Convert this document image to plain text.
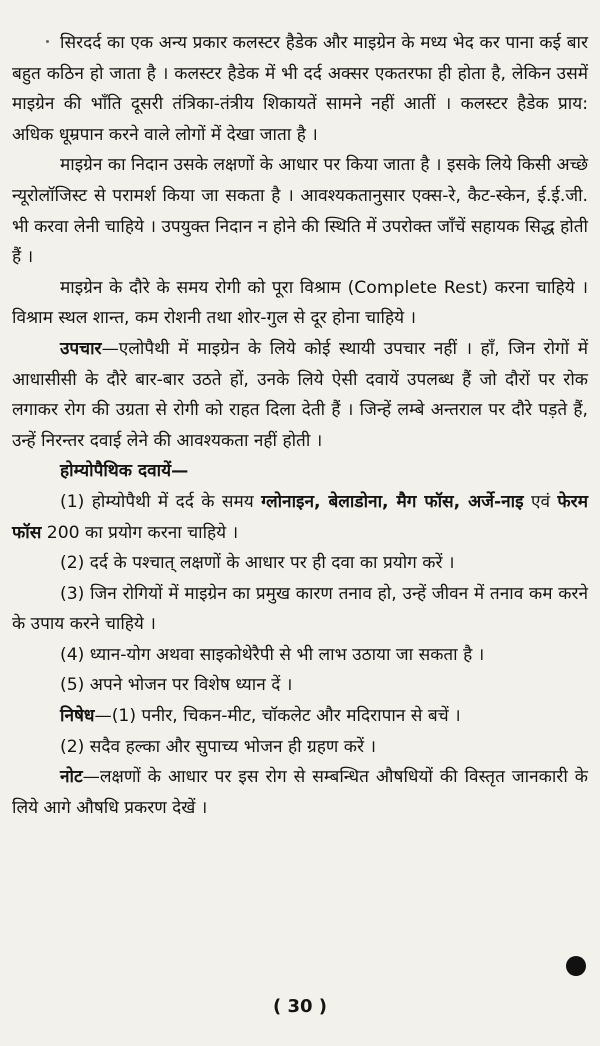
सिरदर्द का एक अन्य प्रकार कलस्टर हैडेक और माइग्रेन के मध्य भेद कर पाना कई बार बहुत कठिन हो जाता है । कलस्टर हैडेक में भी दर्द अक्सर एकतरफा ही होता है, लेकिन उसमें माइग्रेन की भाँति दूसरी तंत्रिका-तंत्रीय शिकायतें सामने नहीं आतीं । कलस्टर हैडेक प्राय: अधिक धूम्रपान करने वाले लोगों में देखा जाता है ।

माइग्रेन का निदान उसके लक्षणों के आधार पर किया जाता है । इसके लिये किसी अच्छे न्यूरोलॉजिस्ट से परामर्श किया जा सकता है । आवश्यकतानुसार एक्स-रे, कैट-स्केन, ई.ई.जी. भी करवा लेनी चाहिये । उपयुक्त निदान न होने की स्थिति में उपरोक्त जाँचें सहायक सिद्ध होती हैं ।

माइग्रेन के दौरे के समय रोगी को पूरा विश्राम (Complete Rest) करना चाहिये । विश्राम स्थल शान्त, कम रोशनी तथा शोर-गुल से दूर होना चाहिये ।

उपचार—एलोपैथी में माइग्रेन के लिये कोई स्थायी उपचार नहीं । हाँ, जिन रोगों में आधासीसी के दौरे बार-बार उठते हों, उनके लिये ऐसी दवायें उपलब्ध हैं जो दौरों पर रोक लगाकर रोग की उग्रता से रोगी को राहत दिला देती हैं । जिन्हें लम्बे अन्तराल पर दौरे पड़ते हैं, उन्हें निरन्तर दवाई लेने की आवश्यकता नहीं होती ।

होम्योपैथिक दवायें—

(1) होम्योपैथी में दर्द के समय ग्लोनाइन, बेलाडोना, मैग फॉस, अर्जे-नाइ एवं फेरम फॉस 200 का प्रयोग करना चाहिये ।

(2) दर्द के पश्चात् लक्षणों के आधार पर ही दवा का प्रयोग करें ।

(3) जिन रोगियों में माइग्रेन का प्रमुख कारण तनाव हो, उन्हें जीवन में तनाव कम करने के उपाय करने चाहिये ।

(4) ध्यान-योग अथवा साइकोथेरैपी से भी लाभ उठाया जा सकता है ।

(5) अपने भोजन पर विशेष ध्यान दें ।

निषेध—(1) पनीर, चिकन-मीट, चॉकलेट और मदिरापान से बचें ।

(2) सदैव हल्का और सुपाच्य भोजन ही ग्रहण करें ।

नोट—लक्षणों के आधार पर इस रोग से सम्बन्धित औषधियों की विस्तृत जानकारी के लिये आगे औषधि प्रकरण देखें ।

( 30 )
